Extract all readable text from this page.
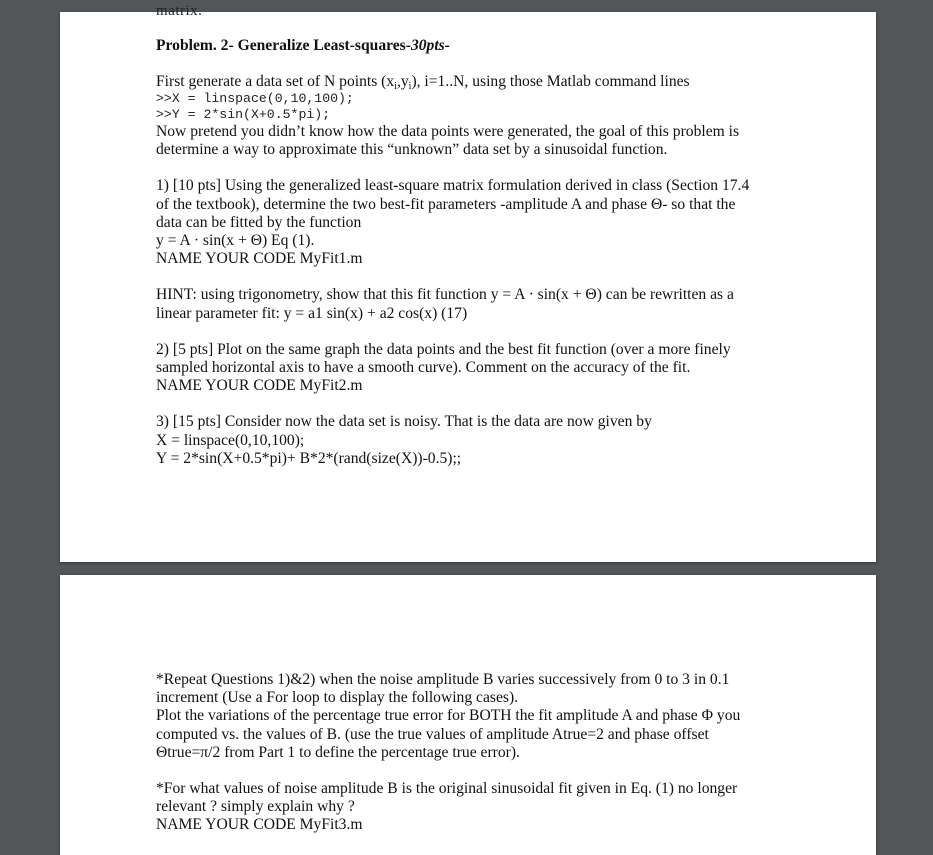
matrix.

Problem. 2- Generalize Least-squares-30pts-

First generate a data set of N points $(x_i,y_i)$, i=1..N, using those Matlab command lines

>>X = linspace(0,10,100);
>>Y = 2*sin(X+0.5*pi);

Now pretend you didn’t know how the data points were generated, the goal of this problem is

determine a way to approximate this “unknown” data set by a sinusoidal function.

1) [10 pts] Using the generalized least-square matrix formulation derived in class (Section 17.4

of the textbook), determine the two best-fit parameters -amplitude A and phase Θ- so that the

data can be fitted by the function

y = A · sin(x + Θ) Eq (1).

NAME YOUR CODE MyFit1.m

HINT: using trigonometry, show that this fit function y = A · sin(x + Θ) can be rewritten as a

linear parameter fit: y = a1 sin(x) + a2 cos(x) (17)

2) [5 pts] Plot on the same graph the data points and the best fit function (over a more finely

sampled horizontal axis to have a smooth curve). Comment on the accuracy of the fit.

NAME YOUR CODE MyFit2.m

3) [15 pts] Consider now the data set is noisy. That is the data are now given by

X = linspace(0,10,100);

Y = 2*sin(X+0.5*pi)+ B*2*(rand(size(X))-0.5);;

*Repeat Questions 1)&2) when the noise amplitude B varies successively from 0 to 3 in 0.1

increment (Use a For loop to display the following cases).

Plot the variations of the percentage true error for BOTH the fit amplitude A and phase Φ you

computed vs. the values of B. (use the true values of amplitude Atrue=2 and phase offset

Θtrue=π/2 from Part 1 to define the percentage true error).

*For what values of noise amplitude B is the original sinusoidal fit given in Eq. (1) no longer

relevant ? simply explain why ?

NAME YOUR CODE MyFit3.m
